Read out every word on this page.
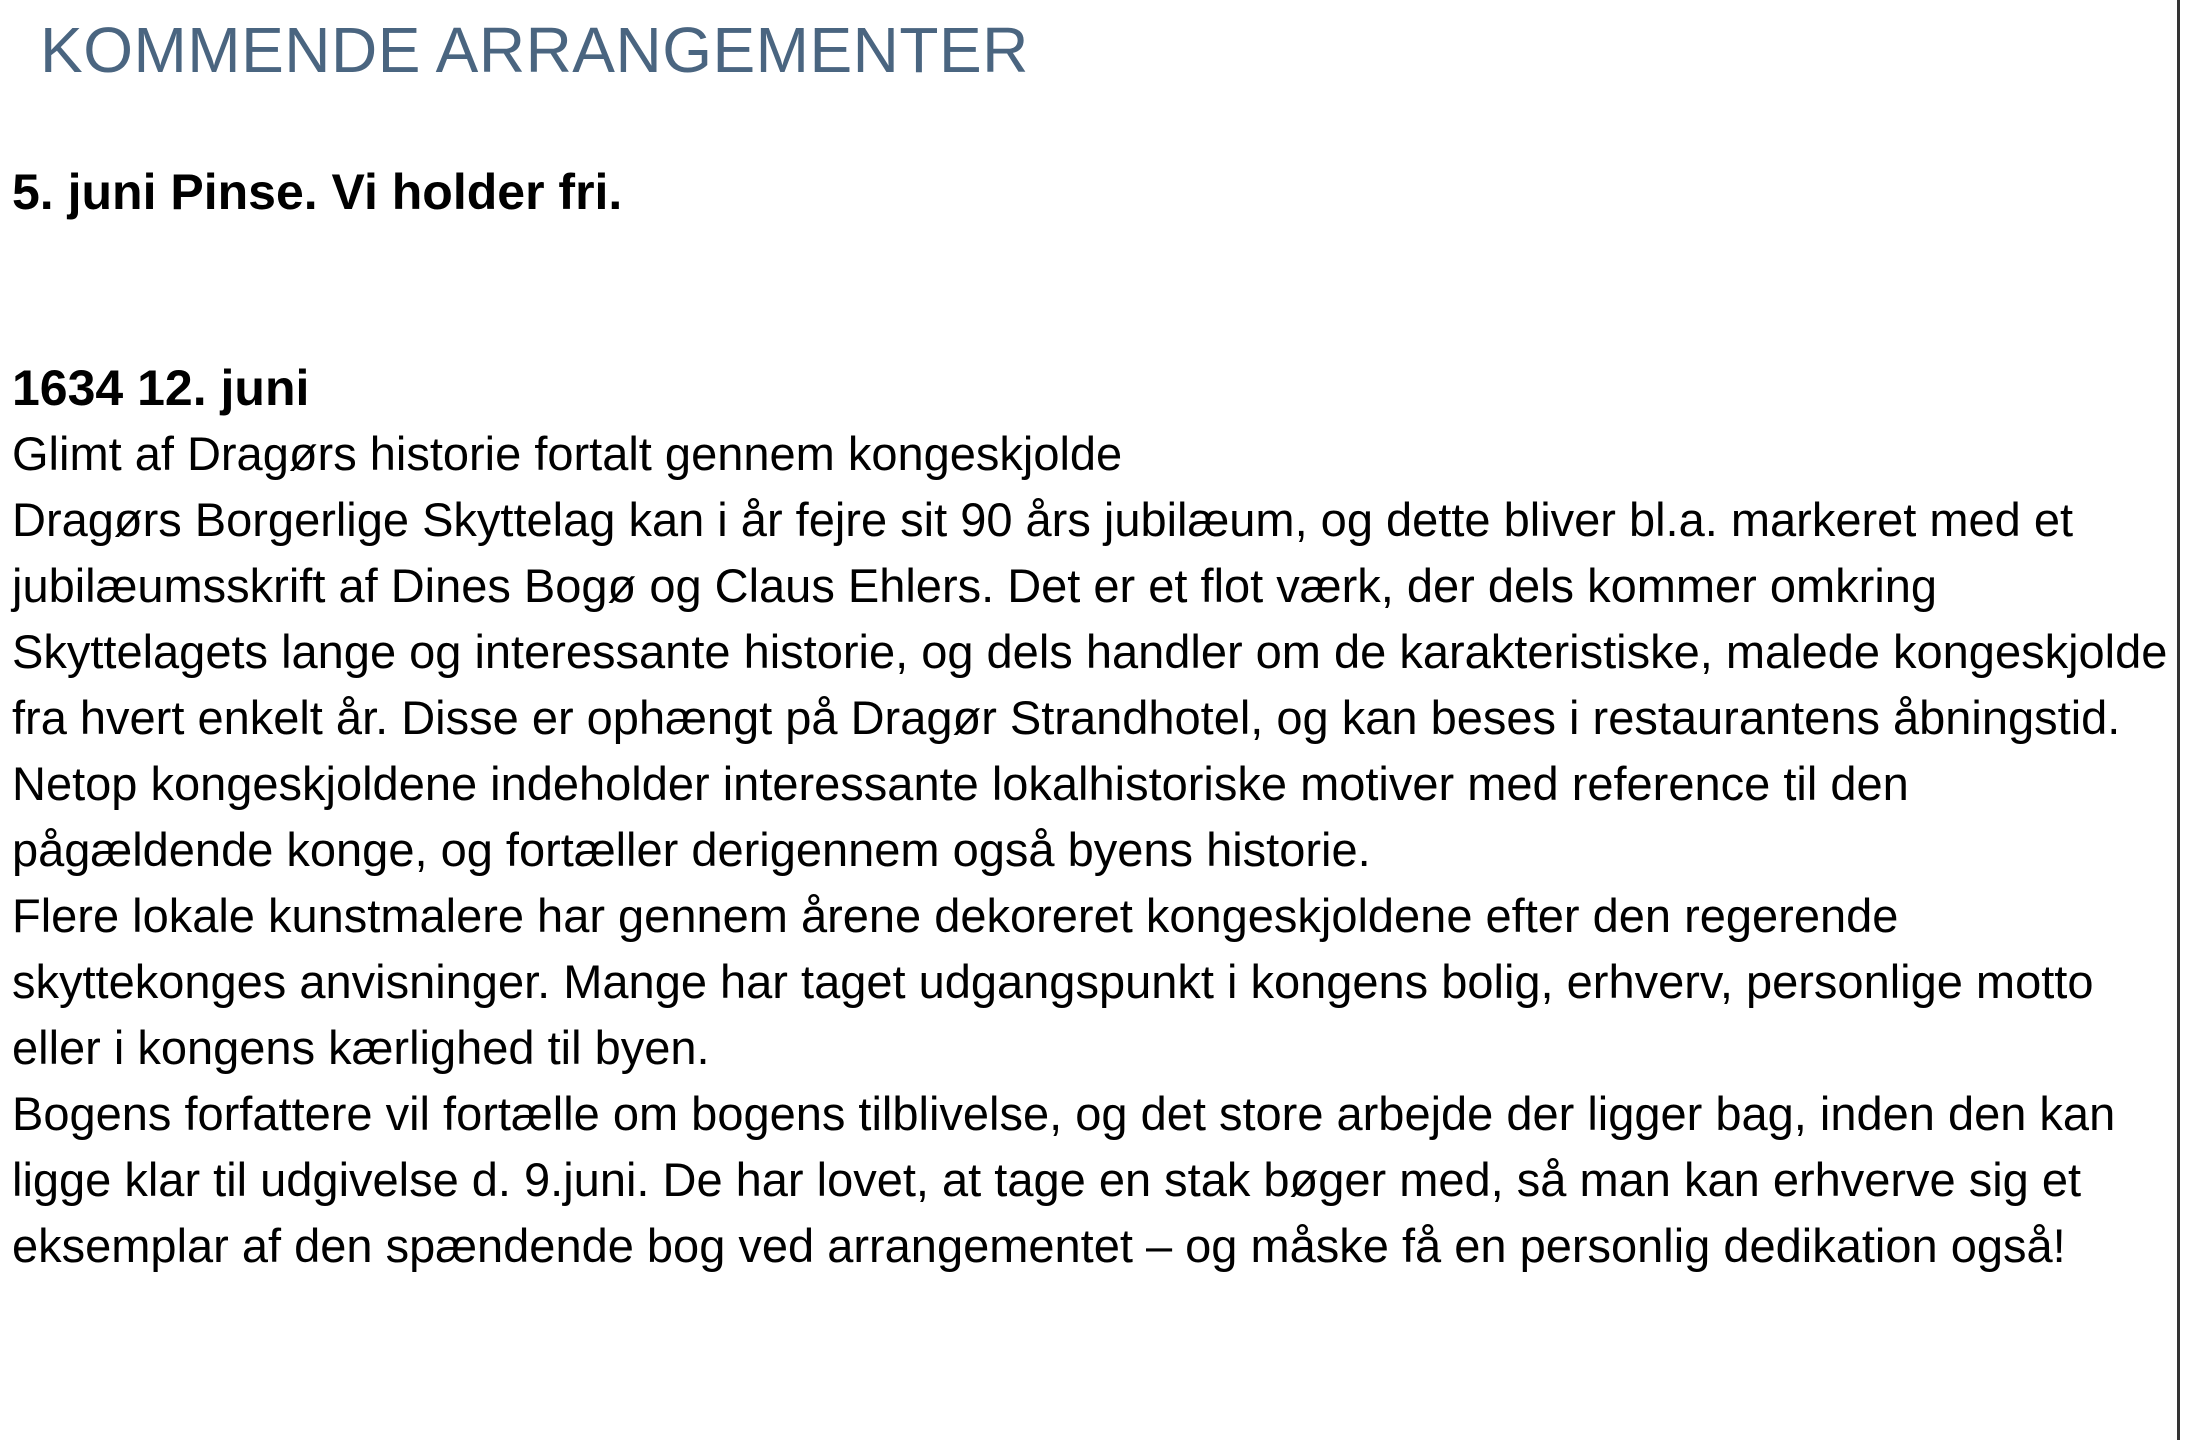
KOMMENDE ARRANGEMENTER

5. juni Pinse. Vi holder fri.

1634 12. juni

Glimt af Dragørs historie fortalt gennem kongeskjolde

Dragørs Borgerlige Skyttelag kan i år fejre sit 90 års jubilæum, og dette bliver bl.a. markeret med et jubilæumsskrift af Dines Bogø og Claus Ehlers. Det er et flot værk, der dels kommer omkring Skyttelagets lange og interessante historie, og dels handler om de karakteristiske, malede kongeskjolde fra hvert enkelt år. Disse er ophængt på Dragør Strandhotel, og kan beses i restaurantens åbningstid.

Netop kongeskjoldene indeholder interessante lokalhistoriske motiver med reference til den pågældende konge, og fortæller derigennem også byens historie.

Flere lokale kunstmalere har gennem årene dekoreret kongeskjoldene efter den regerende skyttekonges anvisninger. Mange har taget udgangspunkt i kongens bolig, erhverv, personlige motto eller i kongens kærlighed til byen.

Bogens forfattere vil fortælle om bogens tilblivelse, og det store arbejde der ligger bag, inden den kan ligge klar til udgivelse d. 9.juni. De har lovet, at tage en stak bøger med, så man kan erhverve sig et eksemplar af den spændende bog ved arrangementet – og måske få en personlig dedikation også!
